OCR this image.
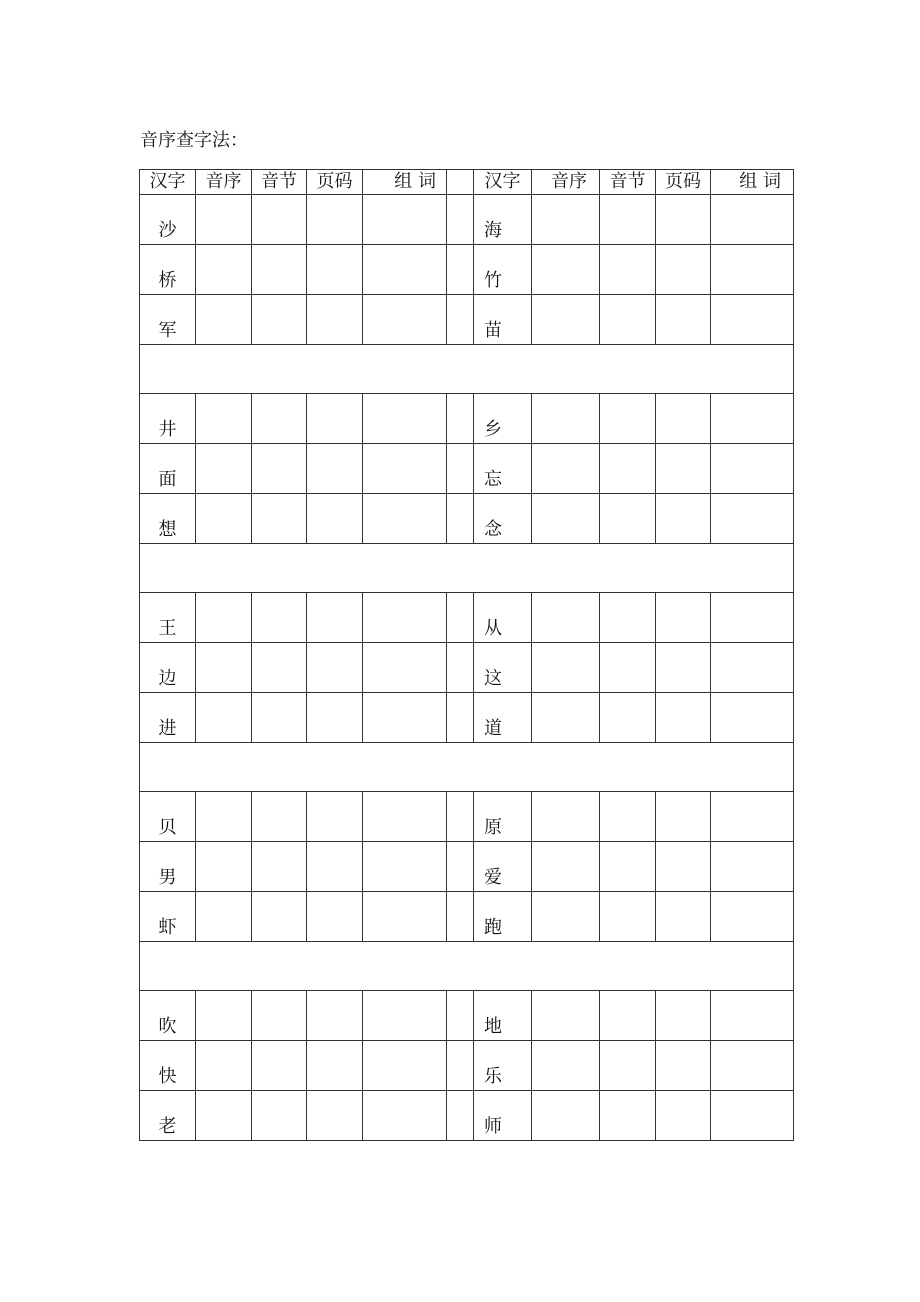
音序查字法：
汉字	音序	音节	页码	组 词		汉字	音序	音节	页码	组 词
沙						海				
桥						竹				
军						苗				

井						乡				
面						忘				
想						念				

王						从				
边						这				
进						道				

贝						原				
男						爱				
虾						跑				

吹						地				
快						乐				
老						师				
